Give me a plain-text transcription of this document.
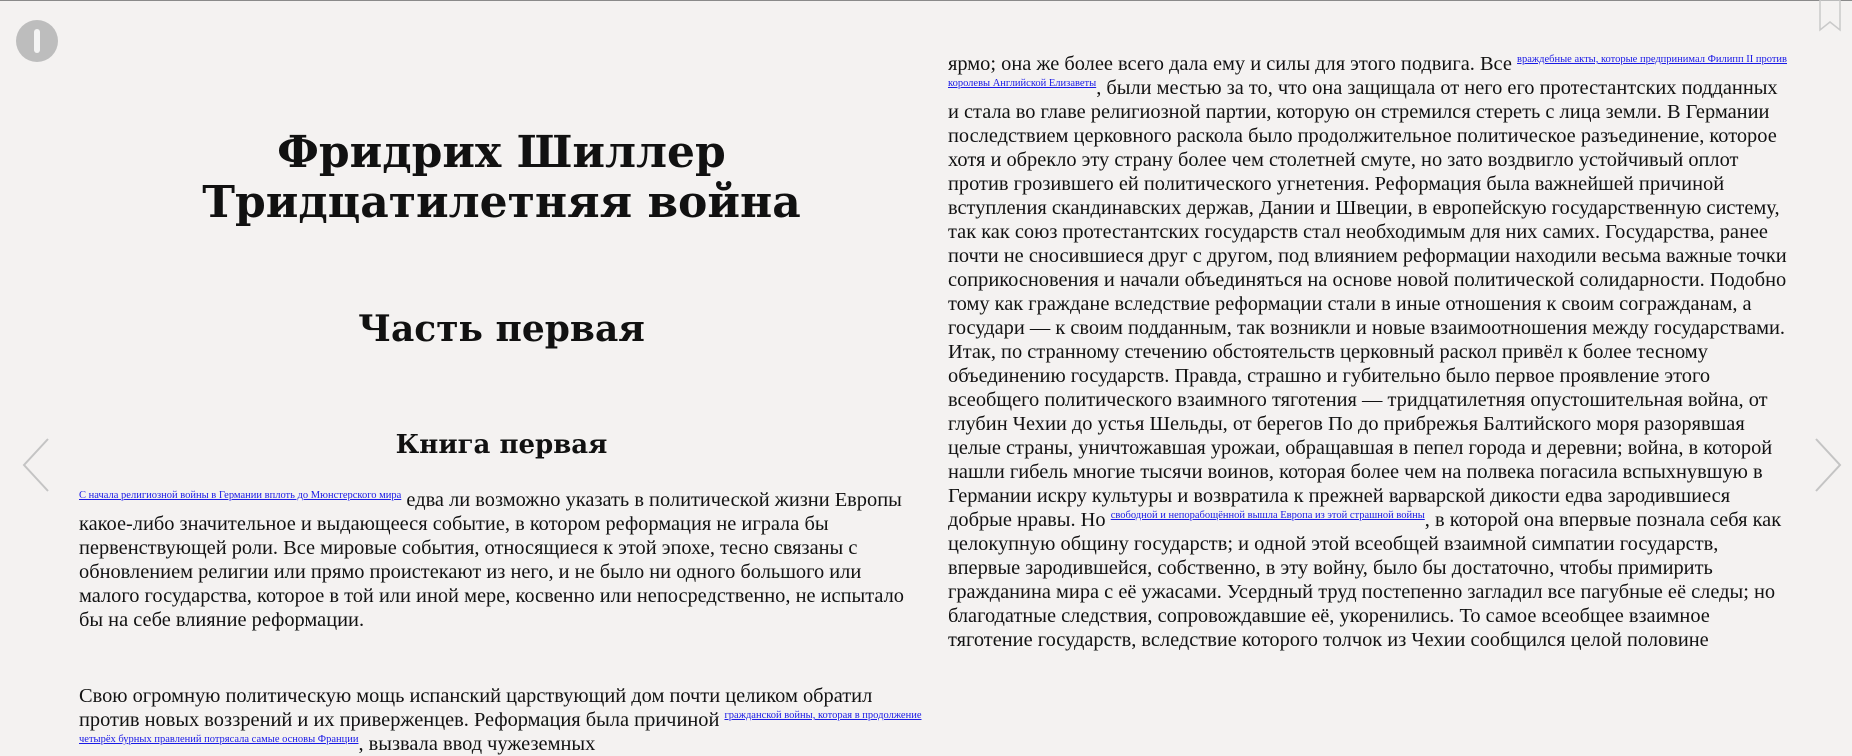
Фридрих Шиллер
Тридцатилетняя война
Часть первая
Книга первая

$^{С начала религиозной войны в Германии вплоть до Мюнстерского мира}$ едва ли возможно указать в политической жизни Европы какое-либо значительное и выдающееся событие, в котором реформация не играла бы первенствующей роли. Все мировые события, относящиеся к этой эпохе, тесно связаны с обновлением религии или прямо проистекают из него, и не было ни одного большого или малого государства, которое в той или иной мере, косвенно или непосредственно, не испытало бы на себе влияние реформации.

Свою огромную политическую мощь испанский царствующий дом почти целиком обратил против новых воззрений и их приверженцев. Реформация была причиной $^{гражданской войны, которая в продолжение четырёх бурных правлений потрясала самые основы Франции}$, вызвала ввод чужеземных

ярмо; она же более всего дала ему и силы для этого подвига. Все $^{враждебные акты, которые предпринимал Филипп II против королевы Английской Елизаветы}$, были местью за то, что она защищала от него его протестантских подданных и стала во главе религиозной партии, которую он стремился стереть с лица земли. В Германии последствием церковного раскола было продолжительное политическое разъединение, которое хотя и обрекло эту страну более чем столетней смуте, но зато воздвигло устойчивый оплот против грозившего ей политического угнетения. Реформация была важнейшей причиной вступления скандинавских держав, Дании и Швеции, в европейскую государственную систему, так как союз протестантских государств стал необходимым для них самих. Государства, ранее почти не сносившиеся друг с другом, под влиянием реформации находили весьма важные точки соприкосновения и начали объединяться на основе новой политической солидарности. Подобно тому как граждане вследствие реформации стали в иные отношения к своим согражданам, а государи — к своим подданным, так возникли и новые взаимоотношения между государствами. Итак, по странному стечению обстоятельств церковный раскол привёл к более тесному объединению государств. Правда, страшно и губительно было первое проявление этого всеобщего политического взаимного тяготения — тридцатилетняя опустошительная война, от глубин Чехии до устья Шельды, от берегов По до прибрежья Балтийского моря разорявшая целые страны, уничтожавшая урожаи, обращавшая в пепел города и деревни; война, в которой нашли гибель многие тысячи воинов, которая более чем на полвека погасила вспыхнувшую в Германии искру культуры и возвратила к прежней варварской дикости едва зародившиеся добрые нравы. Но $^{свободной и непорабощённой вышла Европа из этой страшной войны}$, в которой она впервые познала себя как целокупную общину государств; и одной этой всеобщей взаимной симпатии государств, впервые зародившейся, собственно, в эту войну, было бы достаточно, чтобы примирить гражданина мира с её ужасами. Усердный труд постепенно загладил все пагубные её следы; но благодатные следствия, сопровождавшие её, укоренились. То самое всеобщее взаимное тяготение государств, вследствие которого толчок из Чехии сообщился целой половине
